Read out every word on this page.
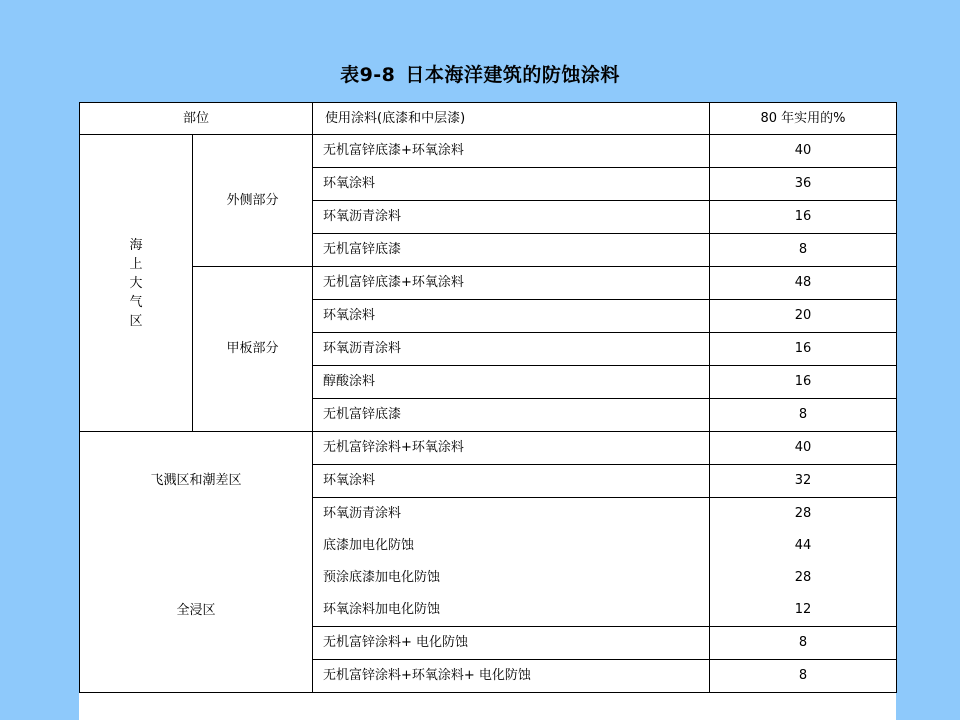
表9-8 日本海洋建筑的防蚀涂料
部位		使用涂料(底漆和中层漆)	80 年实用的%
海上大气区	外侧部分	无机富锌底漆+环氧涂料	40
		环氧涂料	36
		环氧沥青涂料	16
		无机富锌底漆	8
	甲板部分	无机富锌底漆+环氧涂料	48
		环氧涂料	20
		环氧沥青涂料	16
		醇酸涂料	16
		无机富锌底漆	8
飞溅区和潮差区		无机富锌涂料+环氧涂料	40
		环氧涂料	32
		环氧沥青涂料	28
全浸区		底漆加电化防蚀	44
		预涂底漆加电化防蚀	28
		环氧涂料加电化防蚀	12
		无机富锌涂料+ 电化防蚀	8
		无机富锌涂料+环氧涂料+ 电化防蚀	8
